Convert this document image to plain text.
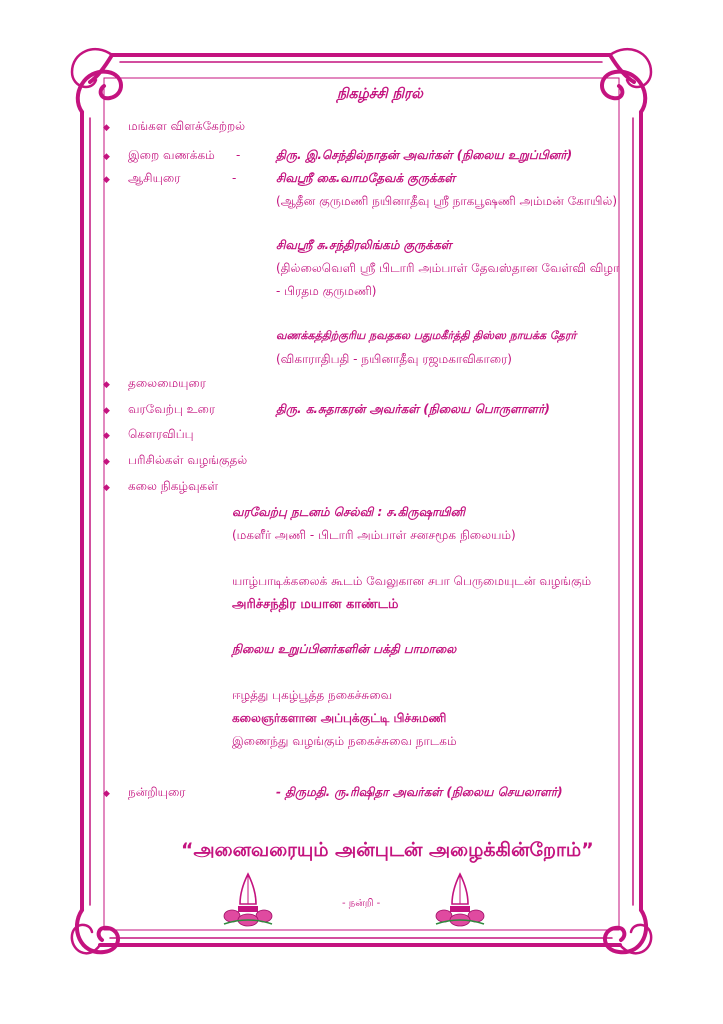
நிகழ்ச்சி நிரல்
◆ மங்கள விளக்கேற்றல்
◆ இறை வணக்கம் -	திரு. இ.செந்தில்நாதன் அவர்கள் (நிலைய உறுப்பினர்)
◆ ஆசியுரை	-	சிவஸ்ரீ கை.வாமதேவக் குருக்கள்
(ஆதீன குருமணி நயினாதீவு ஸ்ரீ நாகபூஷணி அம்மன் கோயில்)
சிவஸ்ரீ சு.சந்திரலிங்கம் குருக்கள்
(தில்லைவெளி ஸ்ரீ பிடாரி அம்பாள் தேவஸ்தான வேள்வி விழா
- பிரதம குருமணி)
வணக்கத்திற்குரிய நவதகல பதுமகீர்த்தி திஸ்ஸ நாயக்க தேரர்
(விகாராதிபதி - நயினாதீவு ரஜமகாவிகாரை)
◆ தலைமையுரை
◆ வரவேற்பு உரை	திரு. க.சுதாகரன் அவர்கள் (நிலைய பொருளாளர்)
◆ கௌரவிப்பு
◆ பரிசில்கள் வழங்குதல்
◆ கலை நிகழ்வுகள்
வரவேற்பு நடனம் செல்வி : ச.கிருஷாயினி
(மகளீர் அணி - பிடாரி அம்பாள் சனசமூக நிலையம்)
யாழ்பாடிக்கலைக் கூடம் வேலுகான சபா பெருமையுடன் வழங்கும்
அரிச்சந்திர மயான காண்டம்
நிலைய உறுப்பினர்களின் பக்தி பாமாலை
ஈழத்து புகழ்பூத்த நகைச்சுவை
கலைஞர்களான அப்புக்குட்டி பிச்சுமணி
இணைந்து வழங்கும் நகைச்சுவை நாடகம்
◆ நன்றியுரை	- திருமதி. ரு.ரிஷிதா அவர்கள் (நிலைய செயலாளர்)
“அனைவரையும் அன்புடன் அழைக்கின்றோம்”
- நன்றி -
